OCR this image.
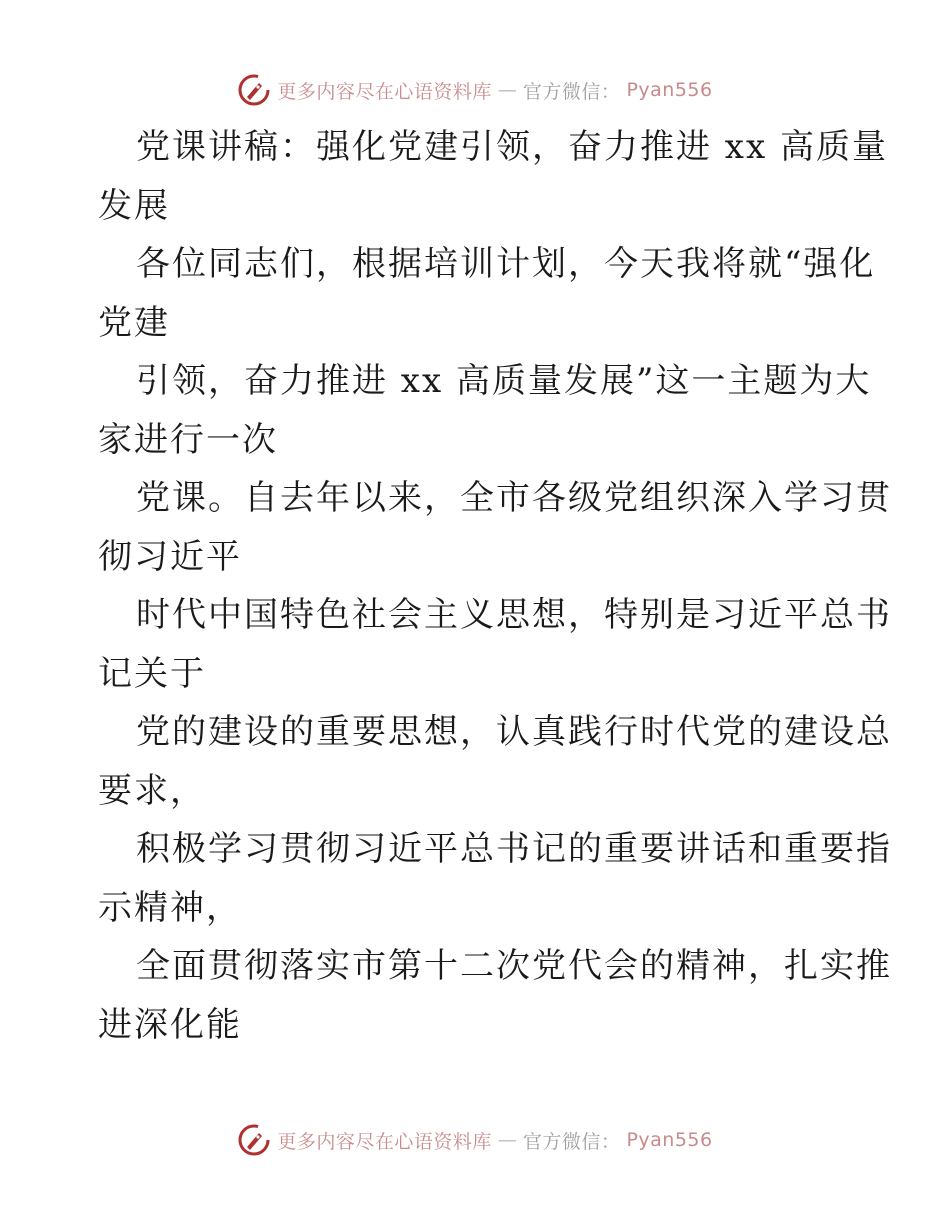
更多内容尽在心语资料库 — 官方微信： Pyan556
党课讲稿：强化党建引领，奋力推进 xx 高质量
发展
各位同志们，根据培训计划，今天我将就“强化
党建
引领，奋力推进 xx 高质量发展”这一主题为大
家进行一次
党课。自去年以来，全市各级党组织深入学习贯
彻习近平
时代中国特色社会主义思想，特别是习近平总书
记关于
党的建设的重要思想，认真践行时代党的建设总
要求，
积极学习贯彻习近平总书记的重要讲话和重要指
示精神，
全面贯彻落实市第十二次党代会的精神，扎实推
进深化能
更多内容尽在心语资料库 — 官方微信： Pyan556
